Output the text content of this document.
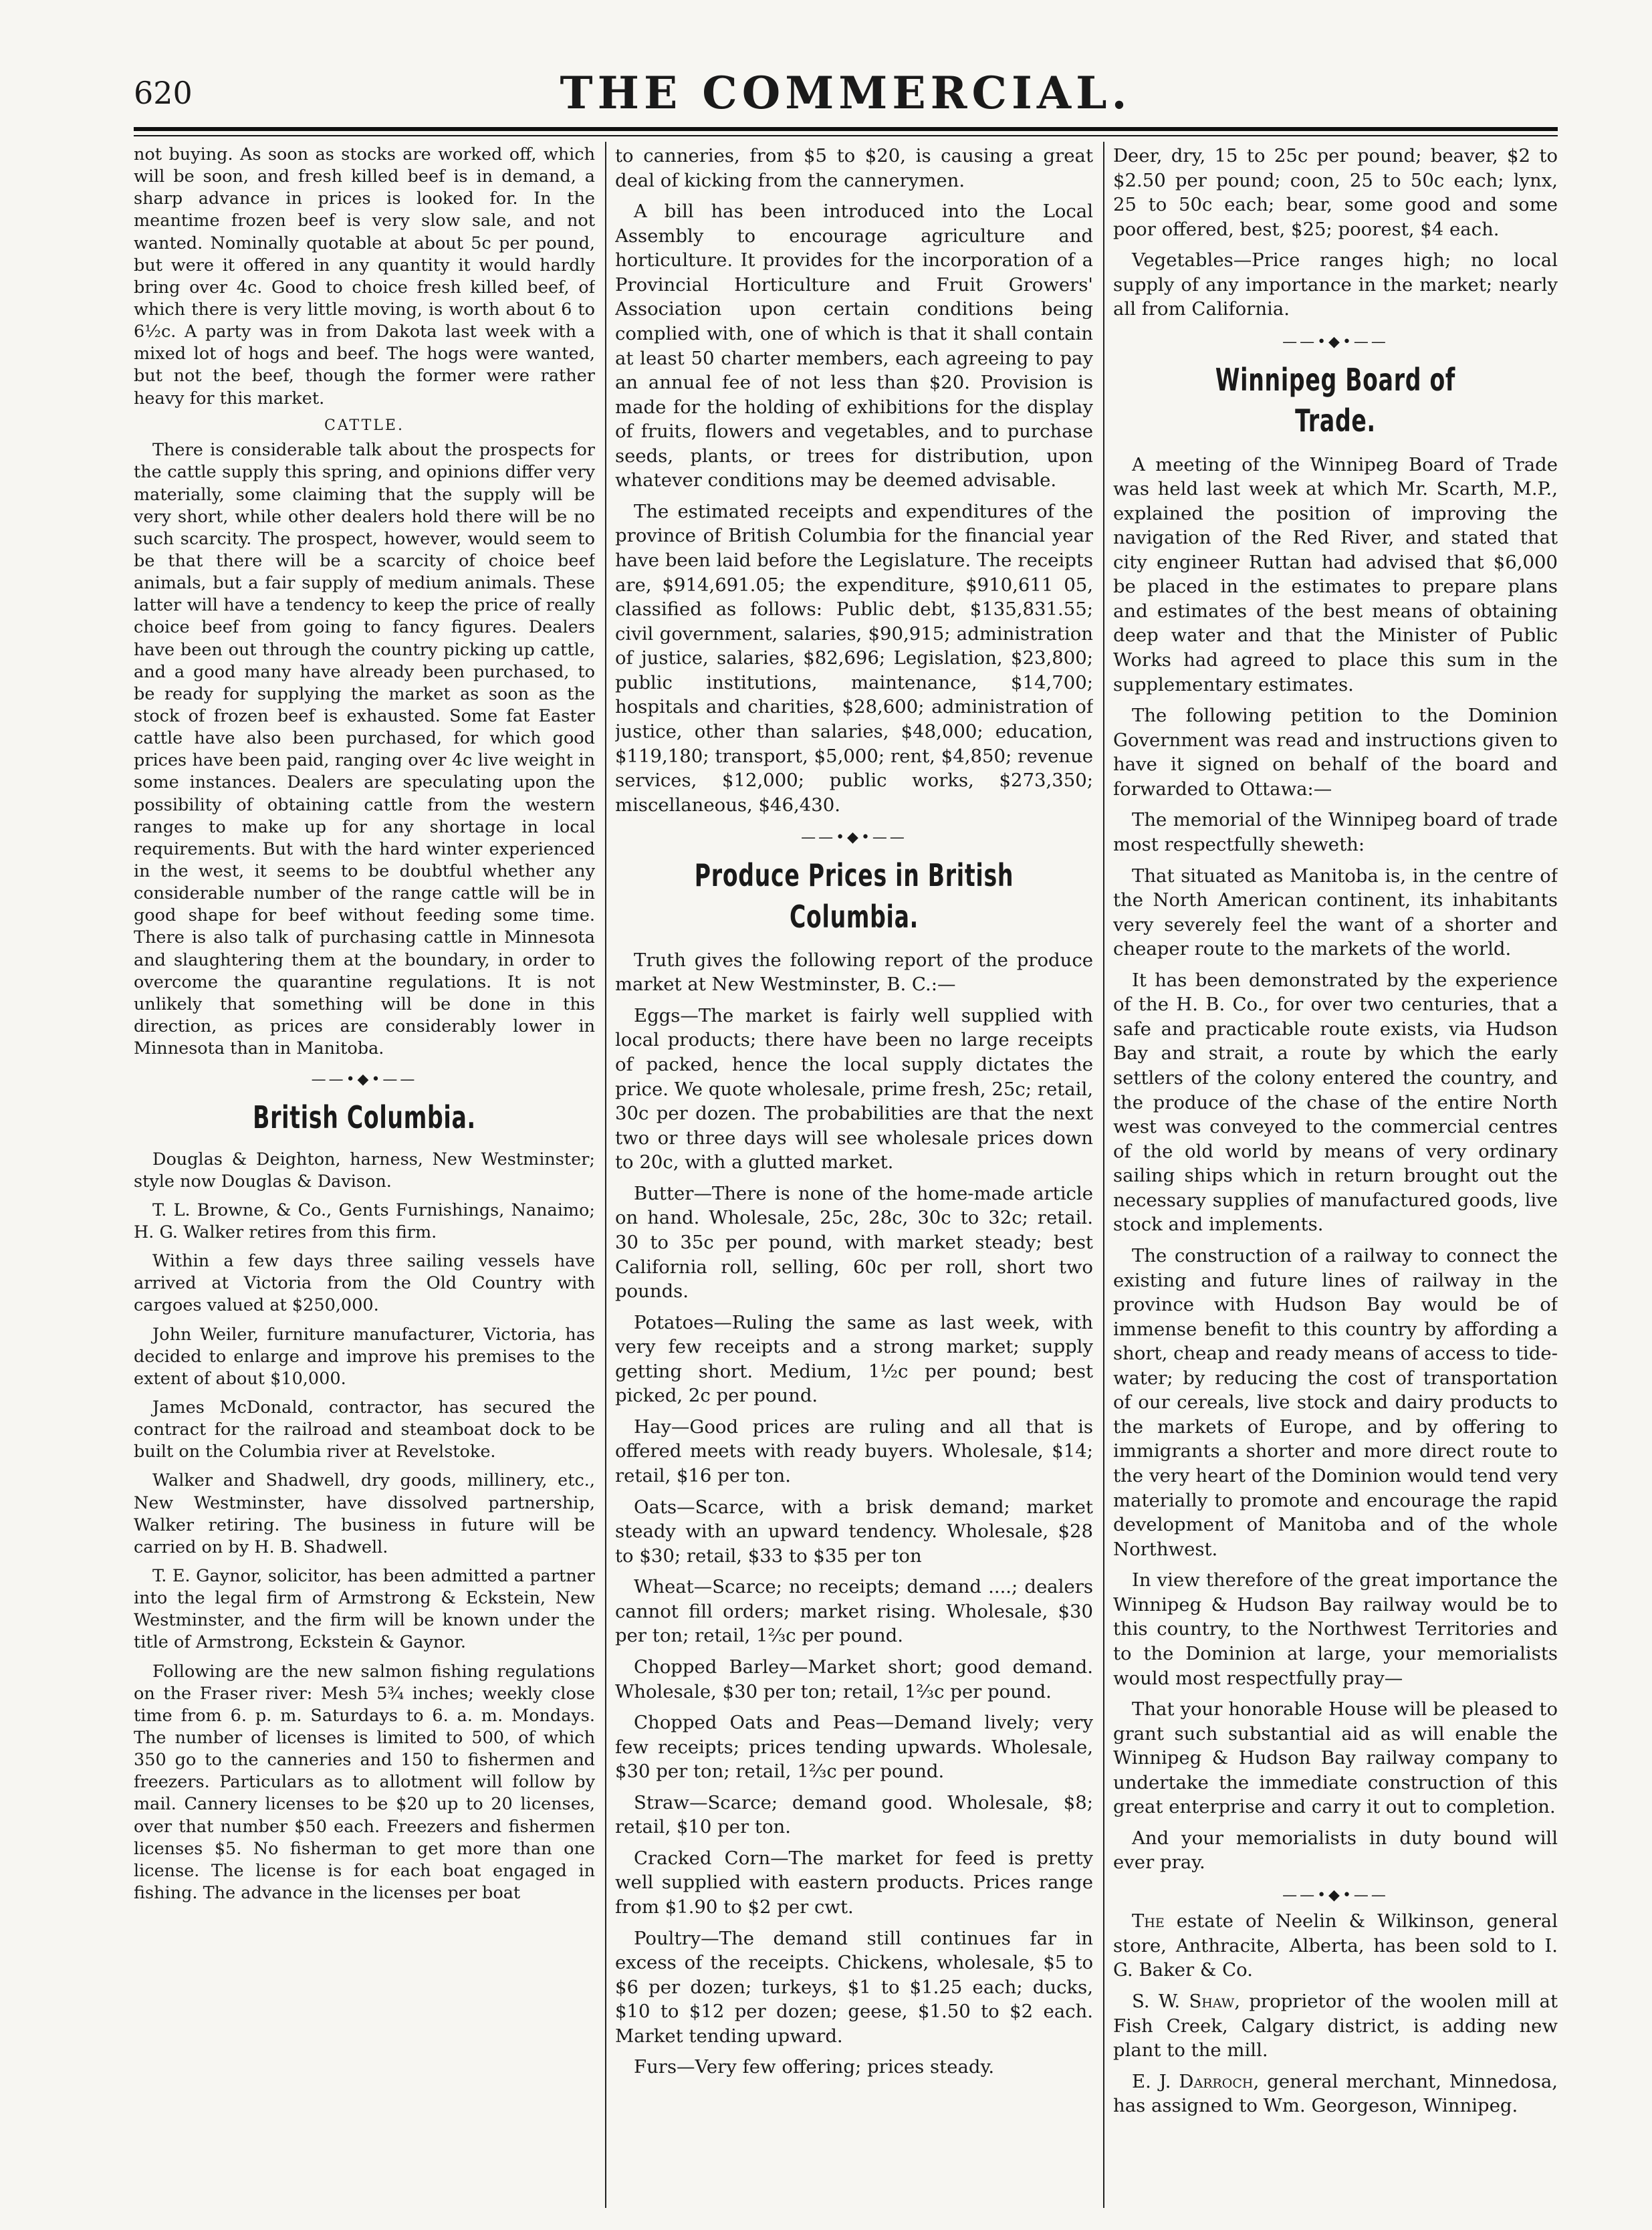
620	THE COMMERCIAL.

not buying. As soon as stocks are worked off, which will be soon, and fresh killed beef is in demand, a sharp advance in prices is looked for. In the meantime frozen beef is very slow sale, and not wanted. Nominally quotable at about 5c per pound, but were it offered in any quantity it would hardly bring over 4c. Good to choice fresh killed beef, of which there is very little moving, is worth about 6 to 6½c. A party was in from Dakota last week with a mixed lot of hogs and beef. The hogs were wanted, but not the beef, though the former were rather heavy for this market.

CATTLE.

There is considerable talk about the prospects for the cattle supply this spring, and opinions differ very materially, some claiming that the supply will be very short, while other dealers hold there will be no such scarcity. The prospect, however, would seem to be that there will be a scarcity of choice beef animals, but a fair supply of medium animals. These latter will have a tendency to keep the price of really choice beef from going to fancy figures. Dealers have been out through the country picking up cattle, and a good many have already been purchased, to be ready for supplying the market as soon as the stock of frozen beef is exhausted. Some fat Easter cattle have also been purchased, for which good prices have been paid, ranging over 4c live weight in some instances. Dealers are speculating upon the possibility of obtaining cattle from the western ranges to make up for any shortage in local requirements. But with the hard winter experienced in the west, it seems to be doubtful whether any considerable number of the range cattle will be in good shape for beef without feeding some time. There is also talk of purchasing cattle in Minnesota and slaughtering them at the boundary, in order to overcome the quarantine regulations. It is not unlikely that something will be done in this direction, as prices are considerably lower in Minnesota than in Manitoba.

——•◆•——
British Columbia.

Douglas & Deighton, harness, New Westminster; style now Douglas & Davison.

T. L. Browne, & Co., Gents Furnishings, Nanaimo; H. G. Walker retires from this firm.

Within a few days three sailing vessels have arrived at Victoria from the Old Country with cargoes valued at $250,000.

John Weiler, furniture manufacturer, Victoria, has decided to enlarge and improve his premises to the extent of about $10,000.

James McDonald, contractor, has secured the contract for the railroad and steamboat dock to be built on the Columbia river at Revelstoke.

Walker and Shadwell, dry goods, millinery, etc., New Westminster, have dissolved partnership, Walker retiring. The business in future will be carried on by H. B. Shadwell.

T. E. Gaynor, solicitor, has been admitted a partner into the legal firm of Armstrong & Eckstein, New Westminster, and the firm will be known under the title of Armstrong, Eckstein & Gaynor.

Following are the new salmon fishing regulations on the Fraser river: Mesh 5¾ inches; weekly close time from 6. p. m. Saturdays to 6. a. m. Mondays. The number of licenses is limited to 500, of which 350 go to the canneries and 150 to fishermen and freezers. Particulars as to allotment will follow by mail. Cannery licenses to be $20 up to 20 licenses, over that number $50 each. Freezers and fishermen licenses $5. No fisherman to get more than one license. The license is for each boat engaged in fishing. The advance in the licenses per boat

to canneries, from $5 to $20, is causing a great deal of kicking from the cannerymen.

A bill has been introduced into the Local Assembly to encourage agriculture and horticulture. It provides for the incorporation of a Provincial Horticulture and Fruit Growers' Association upon certain conditions being complied with, one of which is that it shall contain at least 50 charter members, each agreeing to pay an annual fee of not less than $20. Provision is made for the holding of exhibitions for the display of fruits, flowers and vegetables, and to purchase seeds, plants, or trees for distribution, upon whatever conditions may be deemed advisable.

The estimated receipts and expenditures of the province of British Columbia for the financial year have been laid before the Legislature. The receipts are, $914,691.05; the expenditure, $910,611 05, classified as follows: Public debt, $135,831.55; civil government, salaries, $90,915; administration of justice, salaries, $82,696; Legislation, $23,800; public institutions, maintenance, $14,700; hospitals and charities, $28,600; administration of justice, other than salaries, $48,000; education, $119,180; transport, $5,000; rent, $4,850; revenue services, $12,000; public works, $273,350; miscellaneous, $46,430.

——•◆•——
Produce Prices in British Columbia.

Truth gives the following report of the produce market at New Westminster, B. C.:—

Eggs—The market is fairly well supplied with local products; there have been no large receipts of packed, hence the local supply dictates the price. We quote wholesale, prime fresh, 25c; retail, 30c per dozen. The probabilities are that the next two or three days will see wholesale prices down to 20c, with a glutted market.

Butter—There is none of the home-made article on hand. Wholesale, 25c, 28c, 30c to 32c; retail. 30 to 35c per pound, with market steady; best California roll, selling, 60c per roll, short two pounds.

Potatoes—Ruling the same as last week, with very few receipts and a strong market; supply getting short. Medium, 1½c per pound; best picked, 2c per pound.

Hay—Good prices are ruling and all that is offered meets with ready buyers. Wholesale, $14; retail, $16 per ton.

Oats—Scarce, with a brisk demand; market steady with an upward tendency. Wholesale, $28 to $30; retail, $33 to $35 per ton

Wheat—Scarce; no receipts; demand ....; dealers cannot fill orders; market rising. Wholesale, $30 per ton; retail, 1⅔c per pound.

Chopped Barley—Market short; good demand. Wholesale, $30 per ton; retail, 1⅔c per pound.

Chopped Oats and Peas—Demand lively; very few receipts; prices tending upwards. Wholesale, $30 per ton; retail, 1⅔c per pound.

Straw—Scarce; demand good. Wholesale, $8; retail, $10 per ton.

Cracked Corn—The market for feed is pretty well supplied with eastern products. Prices range from $1.90 to $2 per cwt.

Poultry—The demand still continues far in excess of the receipts. Chickens, wholesale, $5 to $6 per dozen; turkeys, $1 to $1.25 each; ducks, $10 to $12 per dozen; geese, $1.50 to $2 each. Market tending upward.

Furs—Very few offering; prices steady.

Deer, dry, 15 to 25c per pound; beaver, $2 to $2.50 per pound; coon, 25 to 50c each; lynx, 25 to 50c each; bear, some good and some poor offered, best, $25; poorest, $4 each.

Vegetables—Price ranges high; no local supply of any importance in the market; nearly all from California.

——•◆•——
Winnipeg Board of Trade.

A meeting of the Winnipeg Board of Trade was held last week at which Mr. Scarth, M.P., explained the position of improving the navigation of the Red River, and stated that city engineer Ruttan had advised that $6,000 be placed in the estimates to prepare plans and estimates of the best means of obtaining deep water and that the Minister of Public Works had agreed to place this sum in the supplementary estimates.

The following petition to the Dominion Government was read and instructions given to have it signed on behalf of the board and forwarded to Ottawa:—

The memorial of the Winnipeg board of trade most respectfully sheweth:

That situated as Manitoba is, in the centre of the North American continent, its inhabitants very severely feel the want of a shorter and cheaper route to the markets of the world.

It has been demonstrated by the experience of the H. B. Co., for over two centuries, that a safe and practicable route exists, via Hudson Bay and strait, a route by which the early settlers of the colony entered the country, and the produce of the chase of the entire North west was conveyed to the commercial centres of the old world by means of very ordinary sailing ships which in return brought out the necessary supplies of manufactured goods, live stock and implements.

The construction of a railway to connect the existing and future lines of railway in the province with Hudson Bay would be of immense benefit to this country by affording a short, cheap and ready means of access to tide-water; by reducing the cost of transportation of our cereals, live stock and dairy products to the markets of Europe, and by offering to immigrants a shorter and more direct route to the very heart of the Dominion would tend very materially to promote and encourage the rapid development of Manitoba and of the whole Northwest.

In view therefore of the great importance the Winnipeg & Hudson Bay railway would be to this country, to the Northwest Territories and to the Dominion at large, your memorialists would most respectfully pray—

That your honorable House will be pleased to grant such substantial aid as will enable the Winnipeg & Hudson Bay railway company to undertake the immediate construction of this great enterprise and carry it out to completion.

And your memorialists in duty bound will ever pray.

——•◆•——

The estate of Neelin & Wilkinson, general store, Anthracite, Alberta, has been sold to I. G. Baker & Co.

S. W. Shaw, proprietor of the woolen mill at Fish Creek, Calgary district, is adding new plant to the mill.

E. J. Darroch, general merchant, Minnedosa, has assigned to Wm. Georgeson, Winnipeg.
